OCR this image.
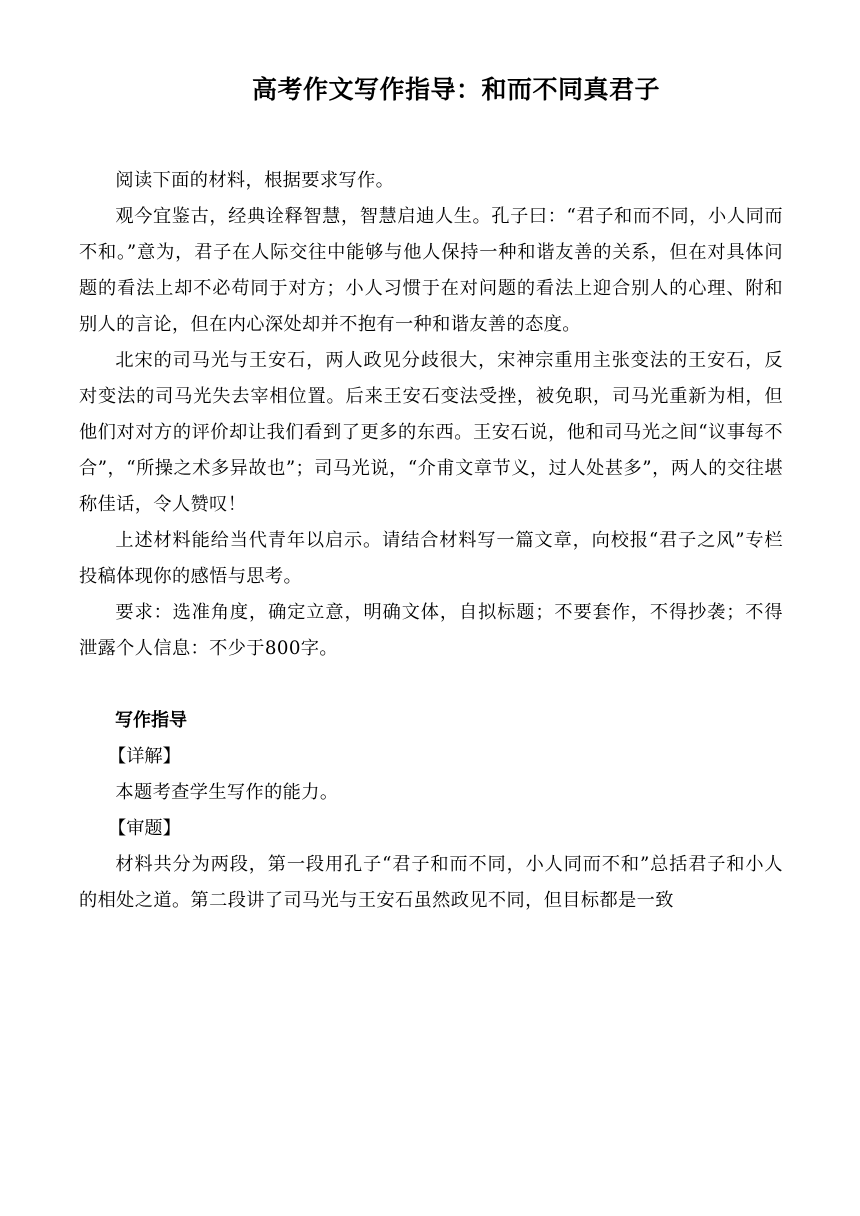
高考作文写作指导：和而不同真君子

阅读下面的材料，根据要求写作。

观今宜鉴古，经典诠释智慧，智慧启迪人生。孔子曰：“君子和而不同，小人同而不和。”意为，君子在人际交往中能够与他人保持一种和谐友善的关系，但在对具体问题的看法上却不必苟同于对方；小人习惯于在对问题的看法上迎合别人的心理、附和别人的言论，但在内心深处却并不抱有一种和谐友善的态度。

北宋的司马光与王安石，两人政见分歧很大，宋神宗重用主张变法的王安石，反对变法的司马光失去宰相位置。后来王安石变法受挫，被免职，司马光重新为相，但他们对对方的评价却让我们看到了更多的东西。王安石说，他和司马光之间“议事每不合”，“所操之术多异故也”；司马光说，“介甫文章节义，过人处甚多”，两人的交往堪称佳话，令人赞叹！

上述材料能给当代青年以启示。请结合材料写一篇文章，向校报“君子之风”专栏投稿体现你的感悟与思考。

要求：选准角度，确定立意，明确文体，自拟标题；不要套作，不得抄袭；不得泄露个人信息：不少于800字。

写作指导

【详解】

本题考查学生写作的能力。

【审题】

材料共分为两段，第一段用孔子“君子和而不同，小人同而不和”总括君子和小人的相处之道。第二段讲了司马光与王安石虽然政见不同，但目标都是一致
